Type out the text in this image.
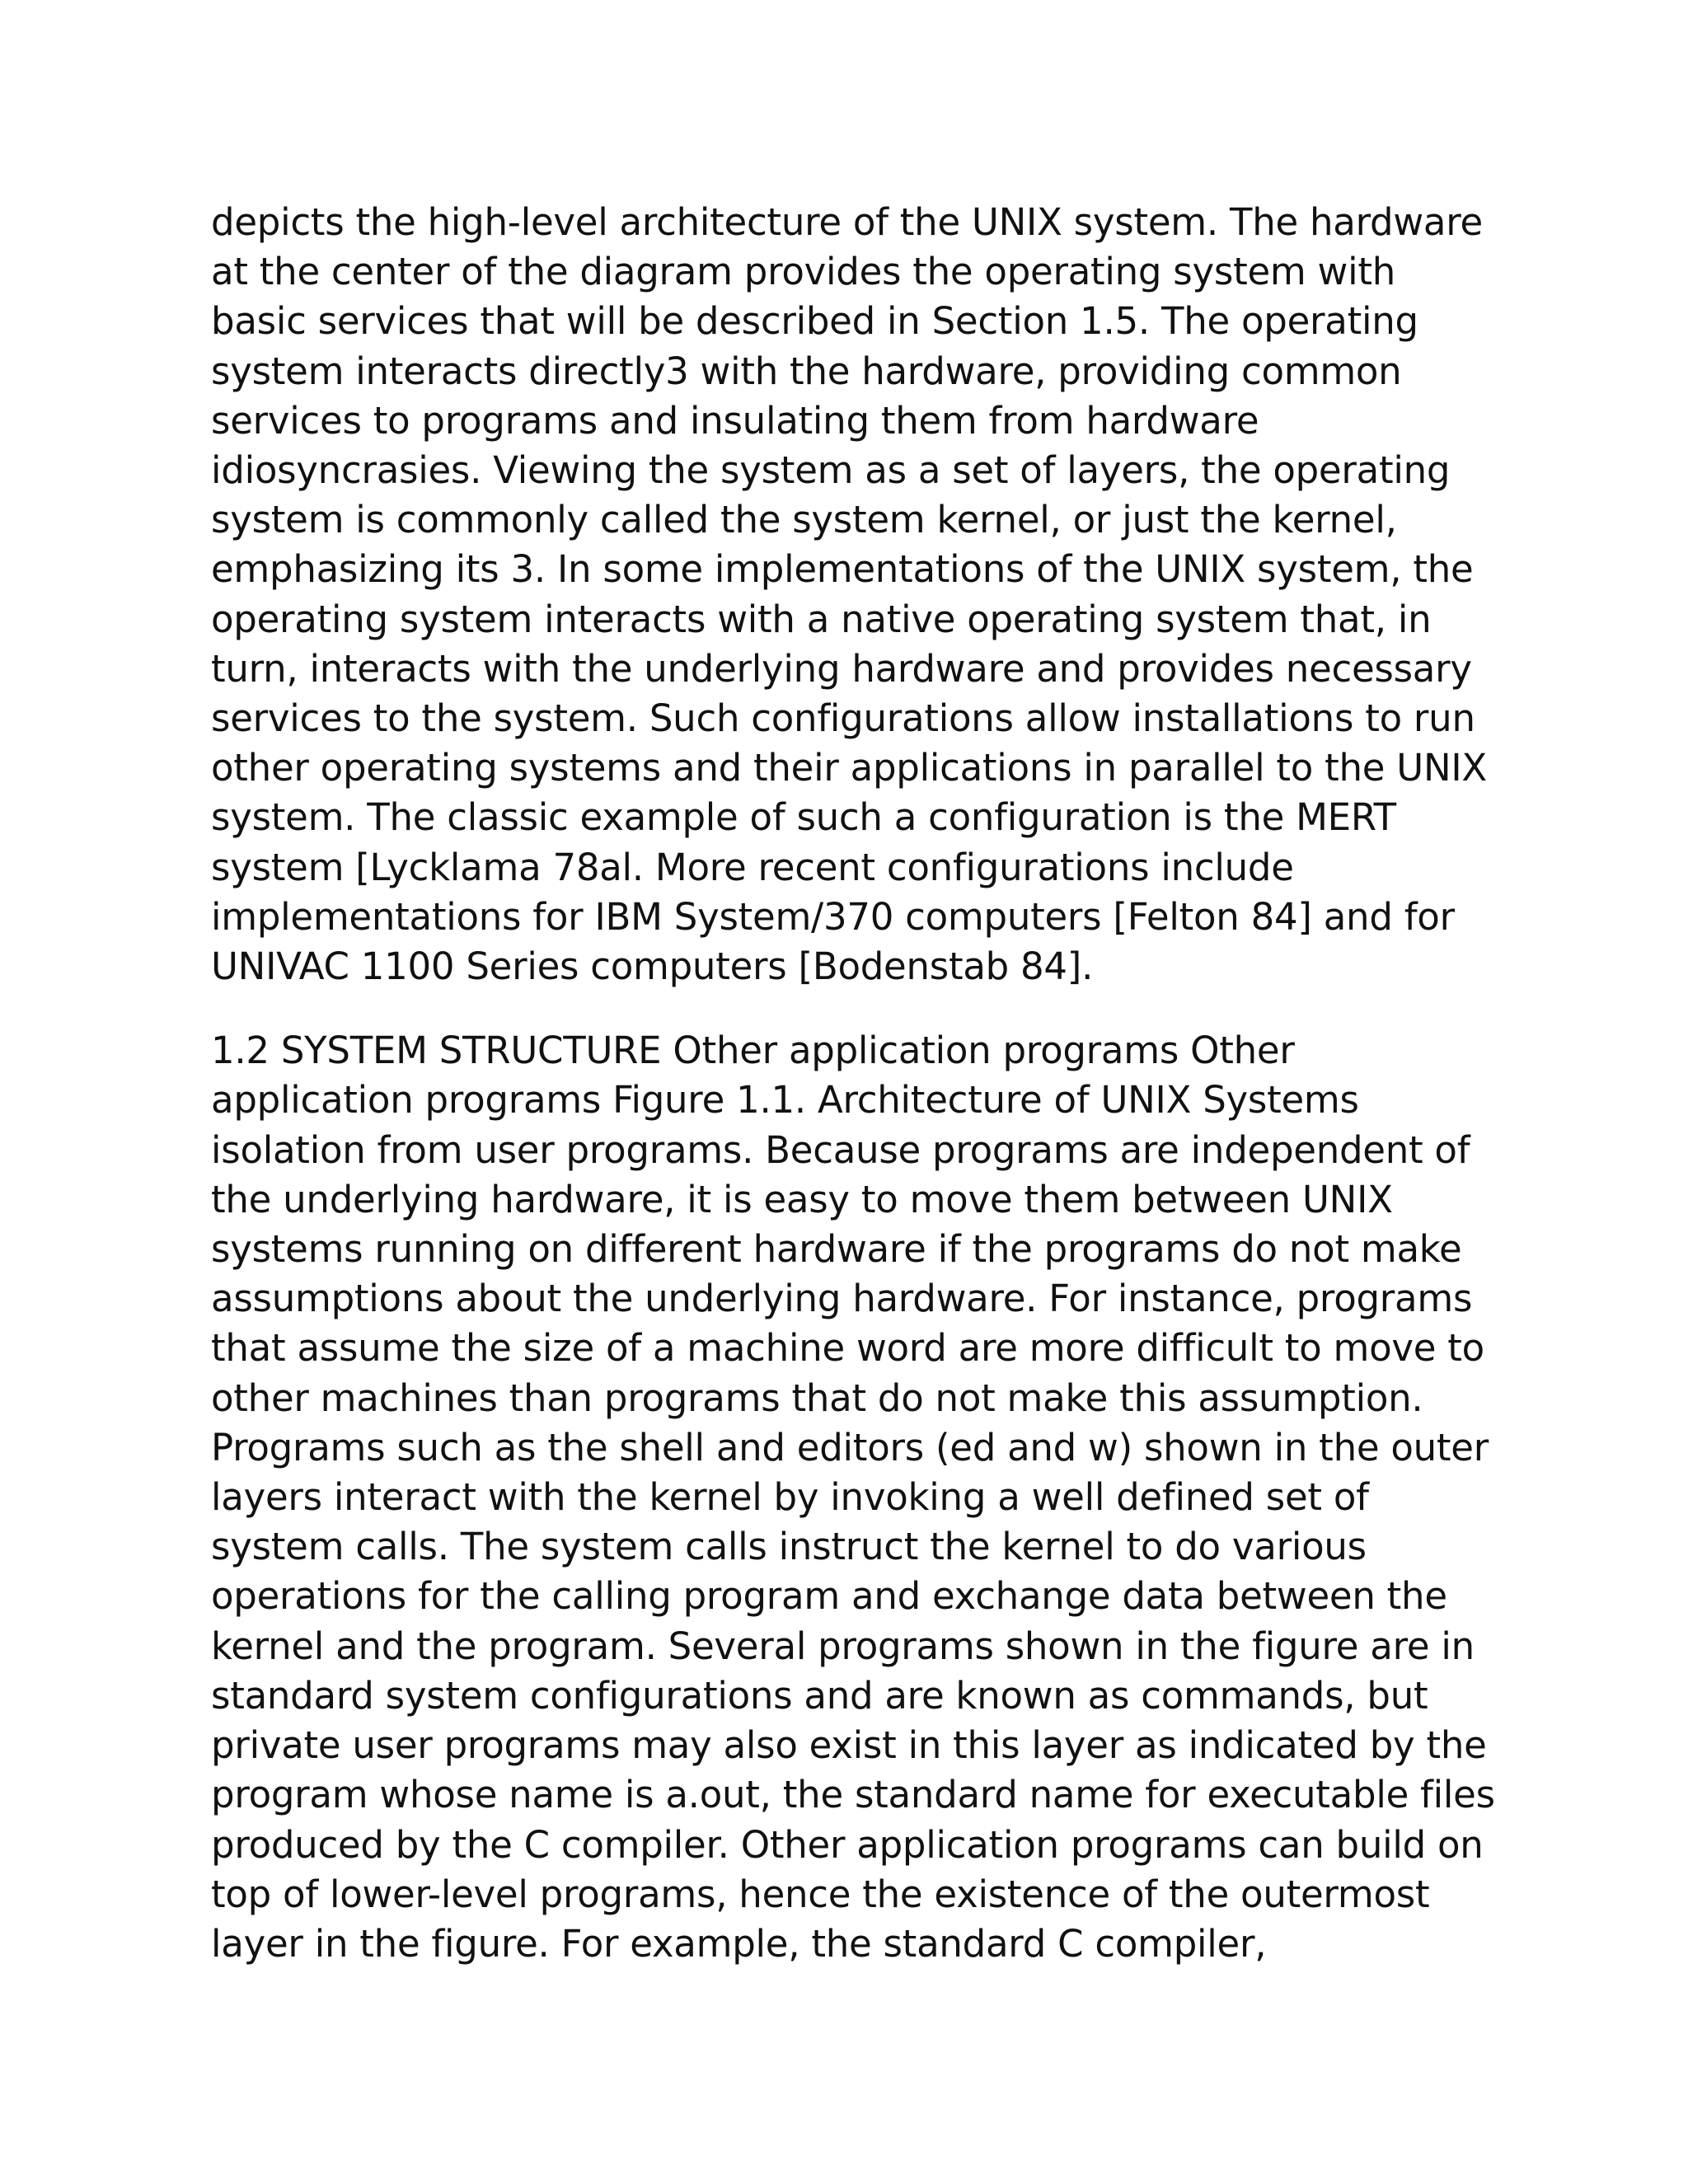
depicts the high-level architecture of the UNIX system. The hardware at the center of the diagram provides the operating system with basic services that will be described in Section 1.5. The operating system interacts directly3 with the hardware, providing common services to programs and insulating them from hardware idiosyncrasies. Viewing the system as a set of layers, the operating system is commonly called the system kernel, or just the kernel, emphasizing its 3. In some implementations of the UNIX system, the operating system interacts with a native operating system that, in turn, interacts with the underlying hardware and provides necessary services to the system. Such configurations allow installations to run other operating systems and their applications in parallel to the UNIX system. The classic example of such a configuration is the MERT system [Lycklama 78al. More recent configurations include implementations for IBM System/370 computers [Felton 84] and for UNIVAC 1100 Series computers [Bodenstab 84].

1.2 SYSTEM STRUCTURE Other application programs Other application programs Figure 1.1. Architecture of UNIX Systems isolation from user programs. Because programs are independent of the underlying hardware, it is easy to move them between UNIX systems running on different hardware if the programs do not make assumptions about the underlying hardware. For instance, programs that assume the size of a machine word are more difficult to move to other machines than programs that do not make this assumption. Programs such as the shell and editors (ed and w) shown in the outer layers interact with the kernel by invoking a well defined set of system calls. The system calls instruct the kernel to do various operations for the calling program and exchange data between the kernel and the program. Several programs shown in the figure are in standard system configurations and are known as commands, but private user programs may also exist in this layer as indicated by the program whose name is a.out, the standard name for executable files produced by the C compiler. Other application programs can build on top of lower-level programs, hence the existence of the outermost layer in the figure. For example, the standard C compiler,
